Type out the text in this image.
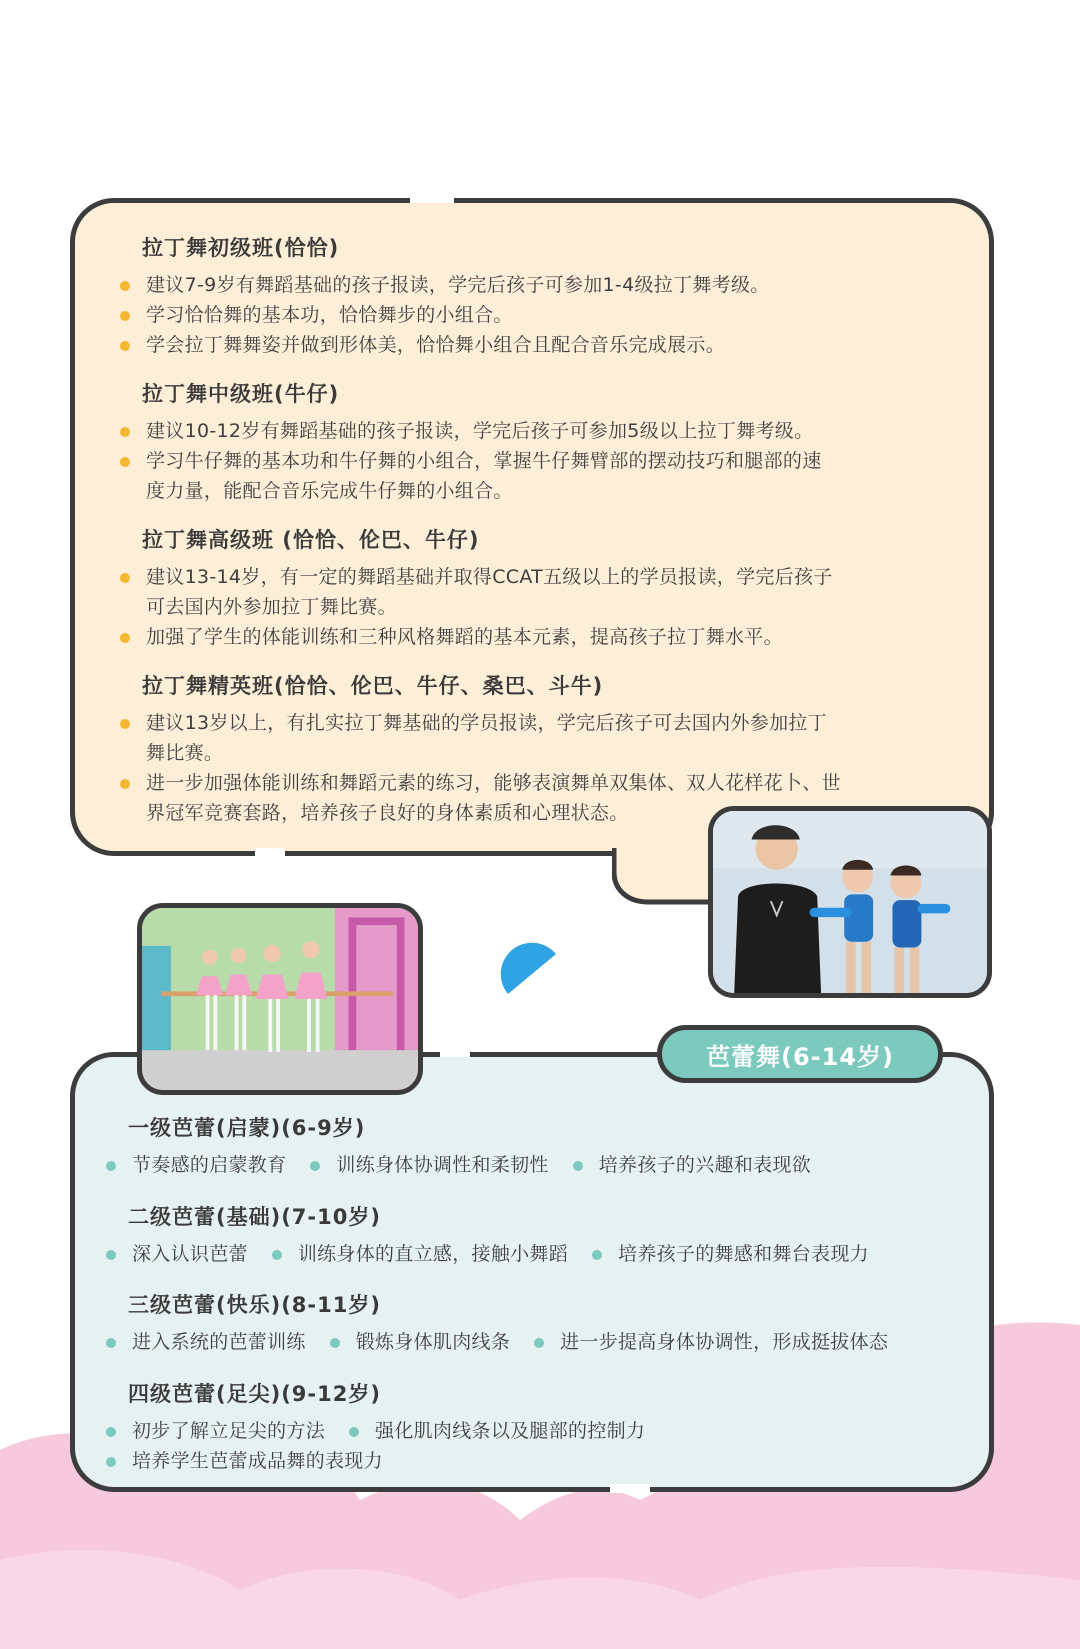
拉丁舞初级班(恰恰)
建议7-9岁有舞蹈基础的孩子报读，学完后孩子可参加1-4级拉丁舞考级。
学习恰恰舞的基本功，恰恰舞步的小组合。
学会拉丁舞舞姿并做到形体美，恰恰舞小组合且配合音乐完成展示。
拉丁舞中级班(牛仔)
建议10-12岁有舞蹈基础的孩子报读，学完后孩子可参加5级以上拉丁舞考级。
学习牛仔舞的基本功和牛仔舞的小组合，掌握牛仔舞臂部的摆动技巧和腿部的速
度力量，能配合音乐完成牛仔舞的小组合。
拉丁舞高级班 (恰恰、伦巴、牛仔)
建议13-14岁，有一定的舞蹈基础并取得CCAT五级以上的学员报读，学完后孩子
可去国内外参加拉丁舞比赛。
加强了学生的体能训练和三种风格舞蹈的基本元素，提高孩子拉丁舞水平。
拉丁舞精英班(恰恰、伦巴、牛仔、桑巴、斗牛)
建议13岁以上，有扎实拉丁舞基础的学员报读，学完后孩子可去国内外参加拉丁
舞比赛。
进一步加强体能训练和舞蹈元素的练习，能够表演舞单双集体、双人花样花卜、世
界冠军竞赛套路，培养孩子良好的身体素质和心理状态。
芭蕾舞(6-14岁)
一级芭蕾(启蒙)(6-9岁)
节奏感的启蒙教育	训练身体协调性和柔韧性	培养孩子的兴趣和表现欲
二级芭蕾(基础)(7-10岁)
深入认识芭蕾	训练身体的直立感，接触小舞蹈	培养孩子的舞感和舞台表现力
三级芭蕾(快乐)(8-11岁)
进入系统的芭蕾训练	锻炼身体肌肉线条	进一步提高身体协调性，形成挺拔体态
四级芭蕾(足尖)(9-12岁)
初步了解立足尖的方法	强化肌肉线条以及腿部的控制力
培养学生芭蕾成品舞的表现力
